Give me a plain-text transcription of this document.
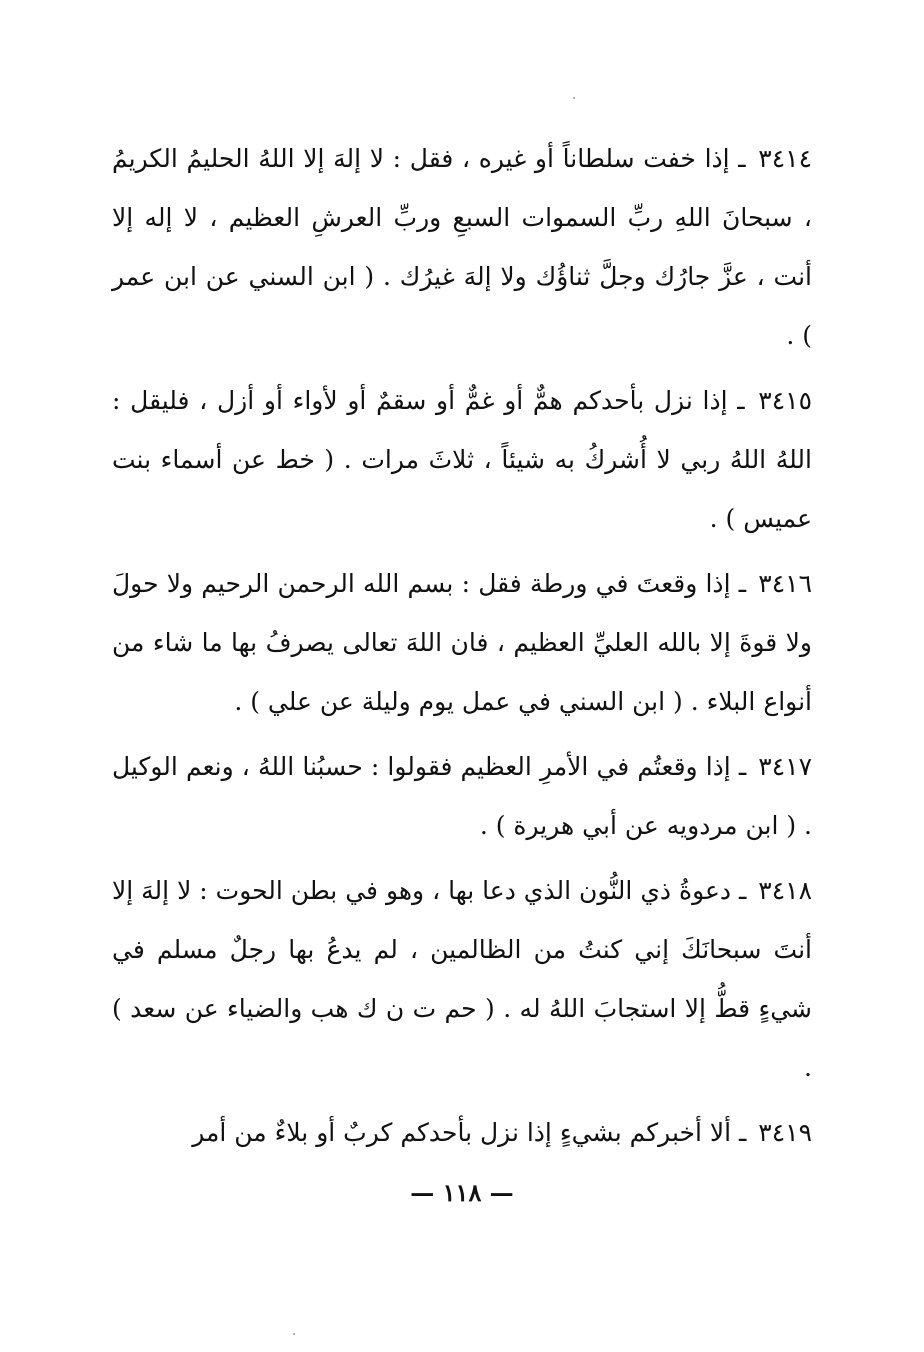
٣٤١٤ ـ إذا خفت سلطاناً أو غيره ، فقل : لا إلهَ إلا اللهُ الحليمُ الكريمُ ، سبحانَ اللهِ ربِّ السموات السبعِ وربِّ العرشِ العظيم ، لا إله إلا أنت ، عزَّ جارُك وجلَّ ثناؤُك ولا إلهَ غيرُك . ( ابن السني عن ابن عمر ) .

٣٤١٥ ـ إذا نزل بأحدكم همٌّ أو غمٌّ أو سقمٌ أو لأواء أو أزل ، فليقل : اللهُ اللهُ ربي لا أُشركُ به شيئاً ، ثلاثَ مرات . ( خط عن أسماء بنت عميس ) .

٣٤١٦ ـ إذا وقعتَ في ورطة فقل : بسم الله الرحمن الرحيم ولا حولَ ولا قوةَ إلا بالله العليِّ العظيم ، فان اللهَ تعالى يصرفُ بها ما شاء من أنواع البلاء . ( ابن السني في عمل يوم وليلة عن علي ) .

٣٤١٧ ـ إذا وقعتُم في الأمرِ العظيم فقولوا : حسبُنا اللهُ ، ونعم الوكيل . ( ابن مردويه عن أبي هريرة ) .

٣٤١٨ ـ دعوةُ ذي النُّون الذي دعا بها ، وهو في بطن الحوت : لا إلهَ إلا أنتَ سبحانَكَ إني كنتُ من الظالمين ، لم يدعُ بها رجلٌ مسلم في شيءٍ قطُّ إلا استجابَ اللهُ له . ( حم ت ن ك هب والضياء عن سعد ) .

٣٤١٩ ـ ألا أخبركم بشيءٍ إذا نزل بأحدكم كربٌ أو بلاءٌ من أمر

— ١١٨ —
